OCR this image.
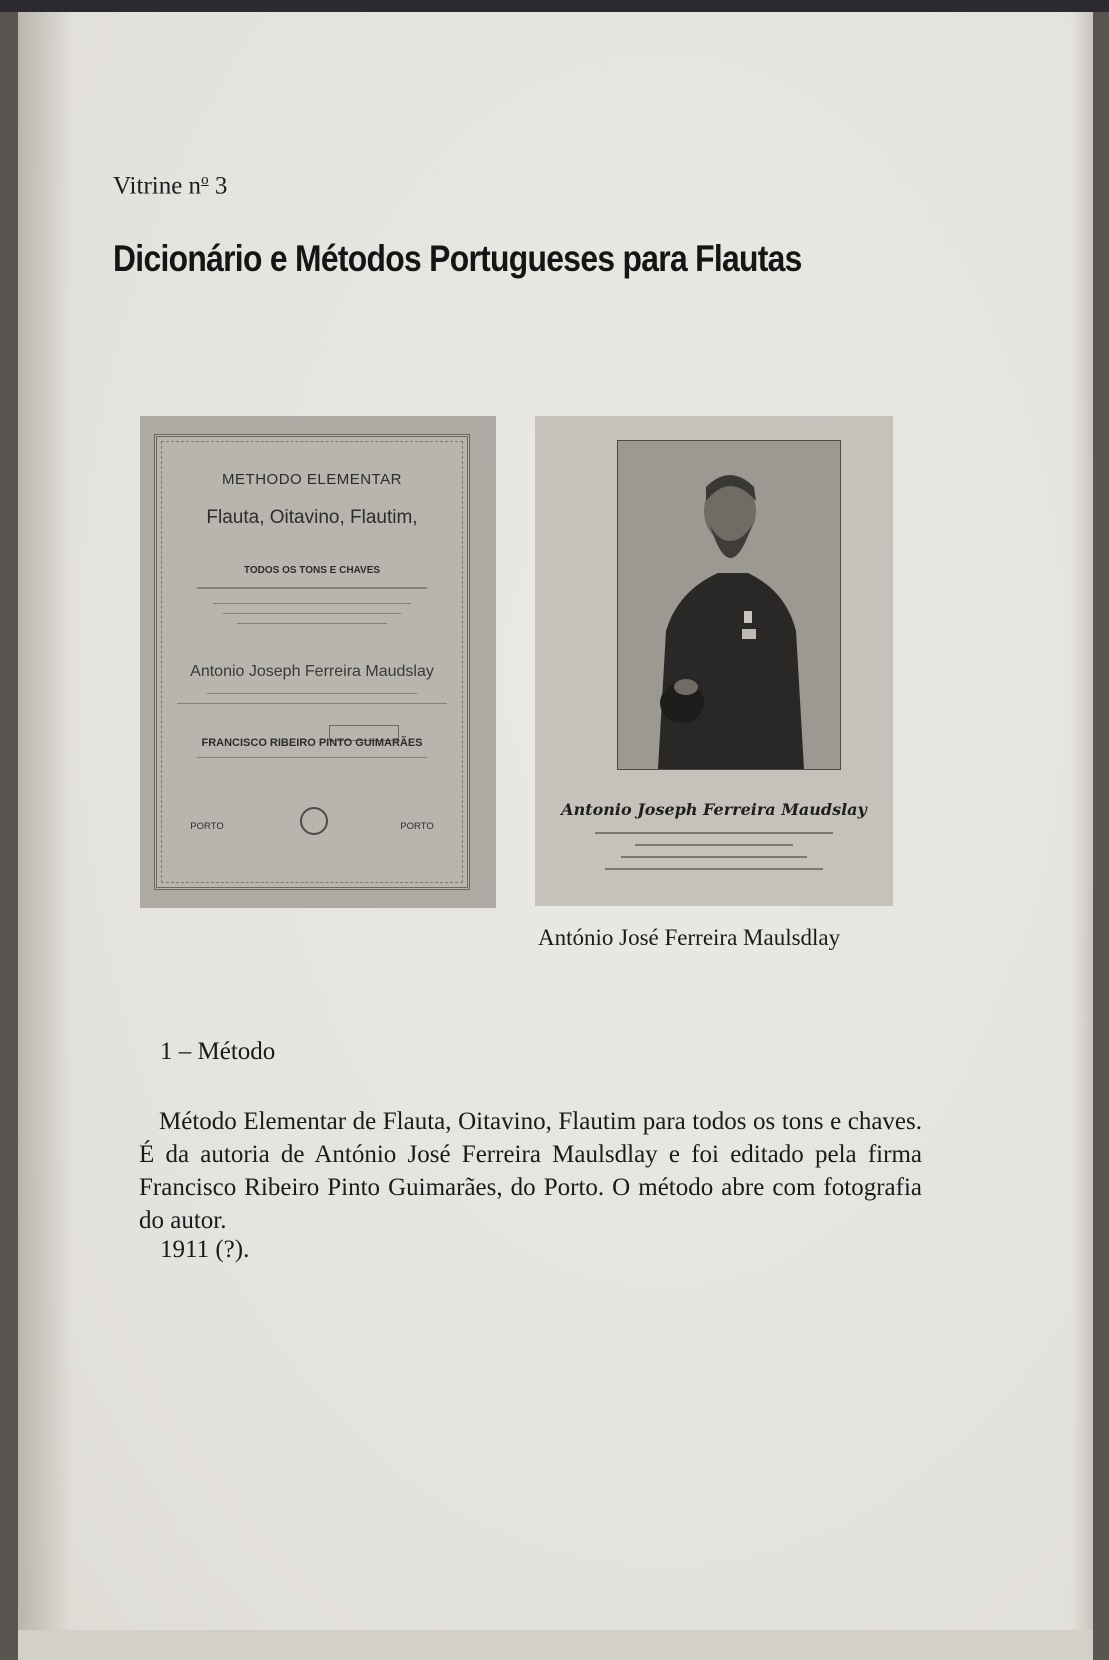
Vitrine $n^o$ 3
Dicionário e Métodos Portugueses para Flautas
METHODO ELEMENTAR
Flauta, Oitavino, Flautim,
TODOS OS TONS E CHAVES
Antonio Joseph Ferreira Maudslay
FRANCISCO RIBEIRO PINTO GUIMARÃES
PORTO	PORTO
Antonio Joseph Ferreira Maudslay
António José Ferreira Maulsdlay
1 – Método

Método Elementar de Flauta, Oitavino, Flautim para todos os tons e chaves. É da autoria de António José Ferreira Maulsdlay e foi editado pela firma Francisco Ribeiro Pinto Guimarães, do Porto. O método abre com fotografia do autor.

1911 (?).
